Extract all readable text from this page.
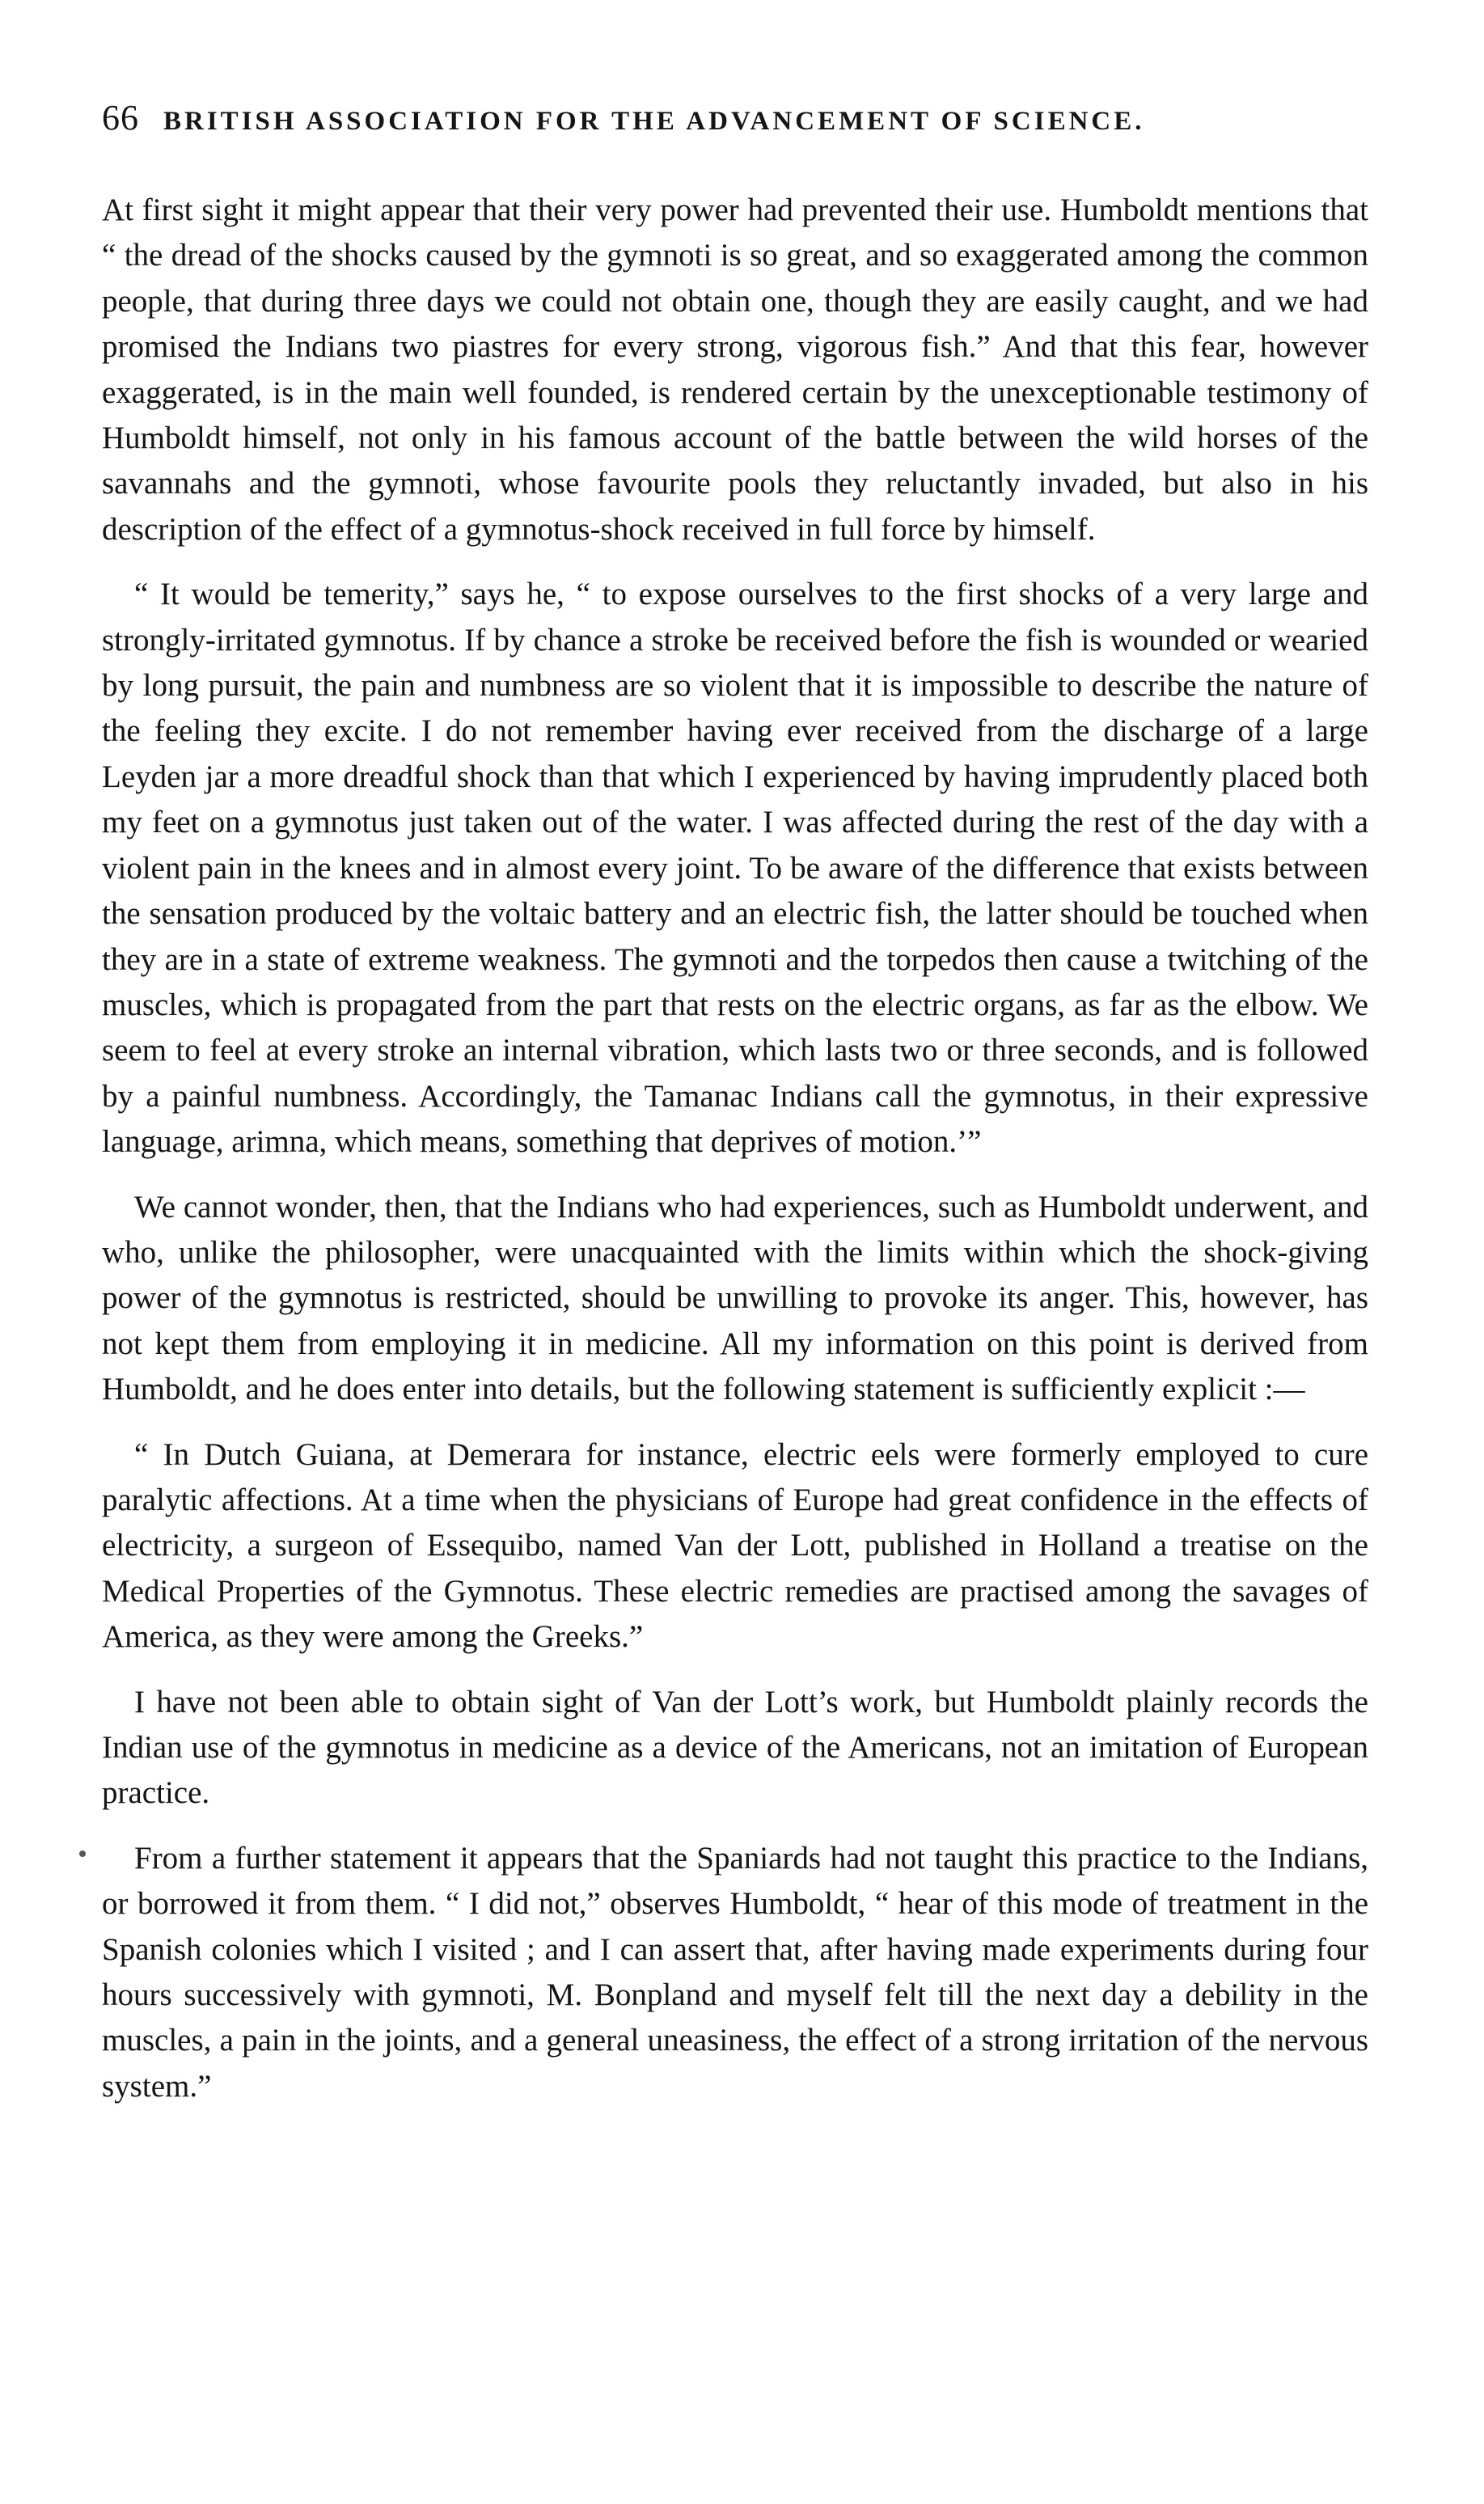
66 BRITISH ASSOCIATION FOR THE ADVANCEMENT OF SCIENCE.

At first sight it might appear that their very power had prevented their use. Humboldt mentions that “ the dread of the shocks caused by the gymnoti is so great, and so exaggerated among the common people, that during three days we could not obtain one, though they are easily caught, and we had promised the Indians two piastres for every strong, vigorous fish.” And that this fear, however exaggerated, is in the main well founded, is rendered certain by the unexceptionable testimony of Humboldt himself, not only in his famous account of the battle between the wild horses of the savannahs and the gymnoti, whose favourite pools they reluctantly invaded, but also in his description of the effect of a gymnotus-shock received in full force by himself.

“ It would be temerity,” says he, “ to expose ourselves to the first shocks of a very large and strongly-irritated gymnotus. If by chance a stroke be received before the fish is wounded or wearied by long pursuit, the pain and numbness are so violent that it is impossible to describe the nature of the feeling they excite. I do not remember having ever received from the discharge of a large Leyden jar a more dreadful shock than that which I experienced by having imprudently placed both my feet on a gymnotus just taken out of the water. I was affected during the rest of the day with a violent pain in the knees and in almost every joint. To be aware of the difference that exists between the sensation produced by the voltaic battery and an electric fish, the latter should be touched when they are in a state of extreme weakness. The gymnoti and the torpedos then cause a twitching of the muscles, which is propagated from the part that rests on the electric organs, as far as the elbow. We seem to feel at every stroke an internal vibration, which lasts two or three seconds, and is followed by a painful numbness. Accordingly, the Tamanac Indians call the gymnotus, in their expressive language, arimna, which means, something that deprives of motion.’”

We cannot wonder, then, that the Indians who had experiences, such as Humboldt underwent, and who, unlike the philosopher, were unacquainted with the limits within which the shock-giving power of the gymnotus is restricted, should be unwilling to provoke its anger. This, however, has not kept them from employing it in medicine. All my information on this point is derived from Humboldt, and he does enter into details, but the following statement is sufficiently explicit :—

“ In Dutch Guiana, at Demerara for instance, electric eels were formerly employed to cure paralytic affections. At a time when the physicians of Europe had great confidence in the effects of electricity, a surgeon of Essequibo, named Van der Lott, published in Holland a treatise on the Medical Properties of the Gymnotus. These electric remedies are practised among the savages of America, as they were among the Greeks.”

I have not been able to obtain sight of Van der Lott’s work, but Humboldt plainly records the Indian use of the gymnotus in medicine as a device of the Americans, not an imitation of European practice.

From a further statement it appears that the Spaniards had not taught this practice to the Indians, or borrowed it from them. “ I did not,” observes Humboldt, “ hear of this mode of treatment in the Spanish colonies which I visited ; and I can assert that, after having made experiments during four hours successively with gymnoti, M. Bonpland and myself felt till the next day a debility in the muscles, a pain in the joints, and a general uneasiness, the effect of a strong irritation of the nervous system.”
